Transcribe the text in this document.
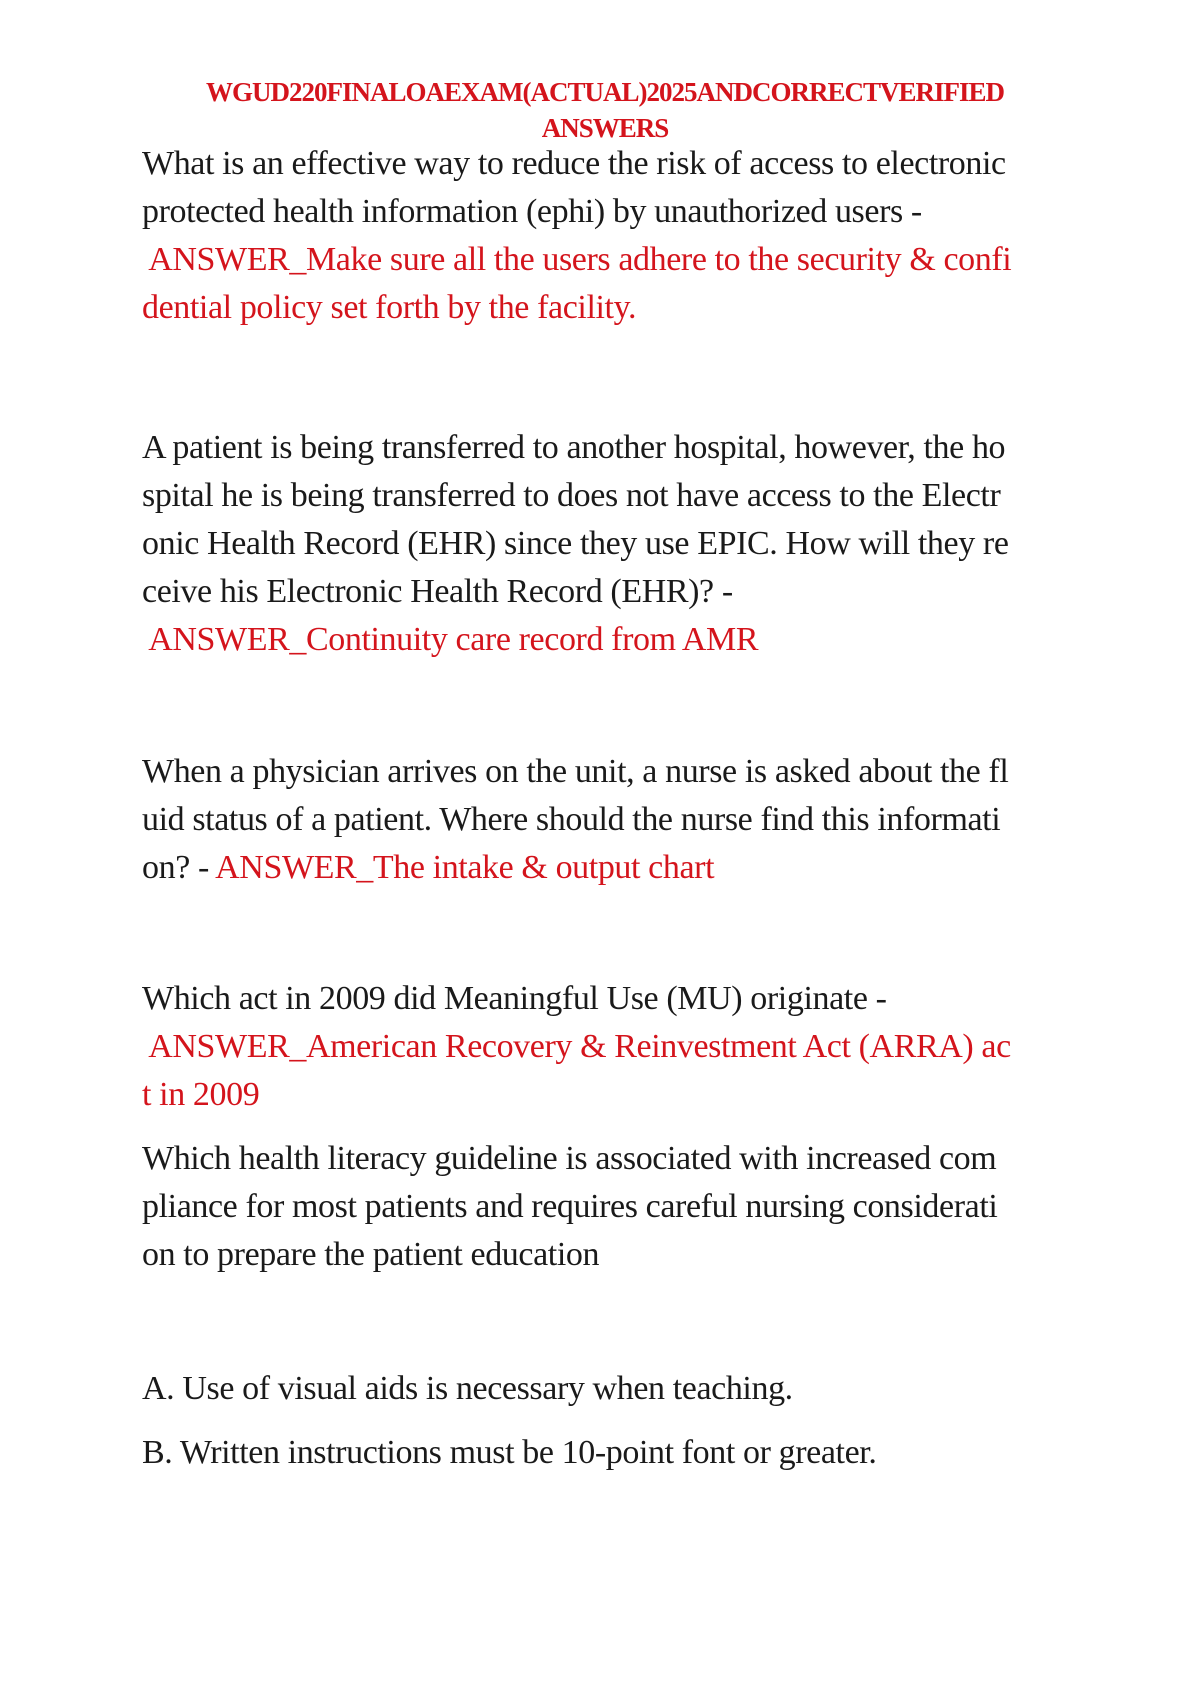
WGUD220FINALOAEXAM(ACTUAL)2025ANDCORRECTVERIFIED
ANSWERS
What is an effective way to reduce the risk of access to electronic
protected health information (ephi) by unauthorized users -
ANSWER_Make sure all the users adhere to the security & confi
dential policy set forth by the facility.
A patient is being transferred to another hospital, however, the ho
spital he is being transferred to does not have access to the Electr
onic Health Record (EHR) since they use EPIC. How will they re
ceive his Electronic Health Record (EHR)? -
ANSWER_Continuity care record from AMR
When a physician arrives on the unit, a nurse is asked about the fl
uid status of a patient. Where should the nurse find this informati
on? - ANSWER_The intake & output chart
Which act in 2009 did Meaningful Use (MU) originate -
ANSWER_American Recovery & Reinvestment Act (ARRA) ac
t in 2009
Which health literacy guideline is associated with increased com
pliance for most patients and requires careful nursing considerati
on to prepare the patient education
A. Use of visual aids is necessary when teaching.
B. Written instructions must be 10-point font or greater.
